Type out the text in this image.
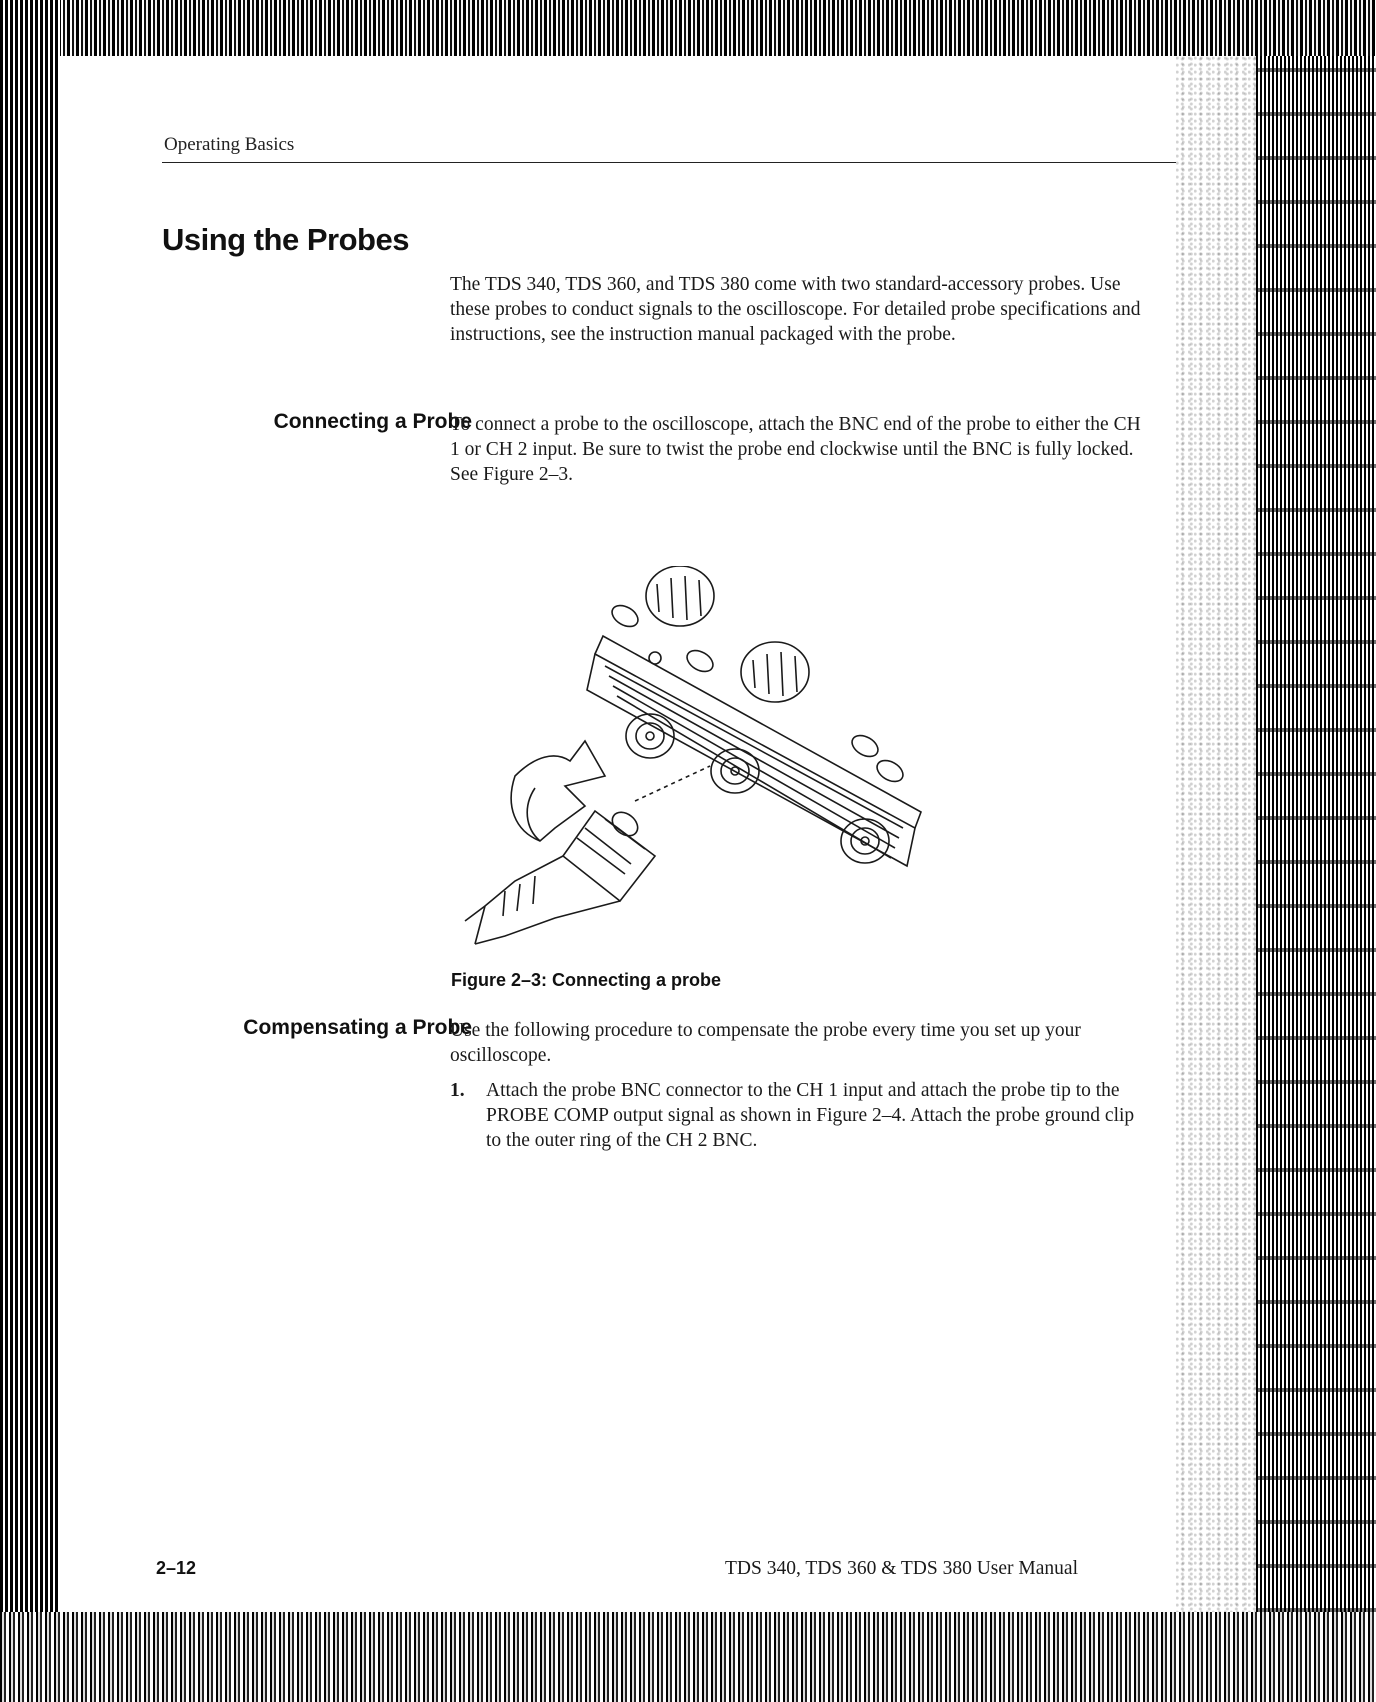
Operating Basics
Using the Probes

The TDS 340, TDS 360, and TDS 380 come with two standard-accessory probes. Use these probes to conduct signals to the oscilloscope. For detailed probe specifications and instructions, see the instruction manual packaged with the probe.

Connecting a Probe

To connect a probe to the oscilloscope, attach the BNC end of the probe to either the CH 1 or CH 2 input. Be sure to twist the probe end clockwise until the BNC is fully locked. See Figure 2–3.

Figure 2–3: Connecting a probe

Compensating a Probe

Use the following procedure to compensate the probe every time you set up your oscilloscope.

1. Attach the probe BNC connector to the CH 1 input and attach the probe tip to the PROBE COMP output signal as shown in Figure 2–4. Attach the probe ground clip to the outer ring of the CH 2 BNC.
2–12	TDS 340, TDS 360 & TDS 380 User Manual
